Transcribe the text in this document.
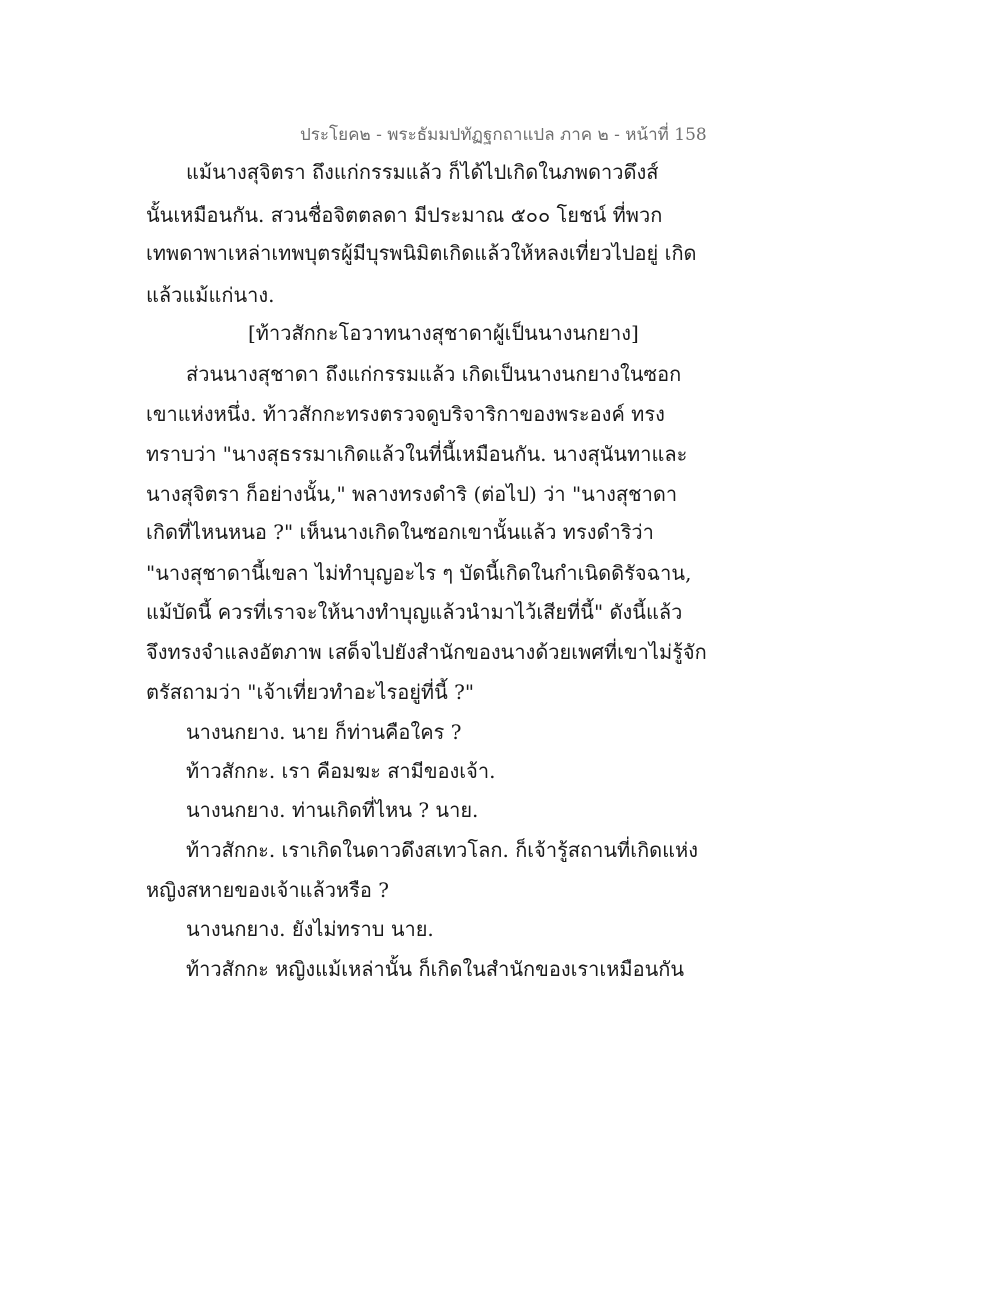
ประโยค๒ - พระธัมมปทัฏฐกถาแปล ภาค ๒ - หน้าที่ 158
แม้นางสุจิตรา ถึงแก่กรรมแล้ว ก็ได้ไปเกิดในภพดาวดึงส์
นั้นเหมือนกัน. สวนชื่อจิตตลดา มีประมาณ ๕๐๐ โยชน์ ที่พวก
เทพดาพาเหล่าเทพบุตรผู้มีบุรพนิมิตเกิดแล้วให้หลงเที่ยวไปอยู่ เกิด
แล้วแม้แก่นาง.
[ท้าวสักกะโอวาทนางสุชาดาผู้เป็นนางนกยาง]
ส่วนนางสุชาดา ถึงแก่กรรมแล้ว เกิดเป็นนางนกยางในซอก
เขาแห่งหนึ่ง. ท้าวสักกะทรงตรวจดูบริจาริกาของพระองค์ ทรง
ทราบว่า "นางสุธรรมาเกิดแล้วในที่นี้เหมือนกัน. นางสุนันทาและ
นางสุจิตรา ก็อย่างนั้น," พลางทรงดำริ (ต่อไป) ว่า "นางสุชาดา
เกิดที่ไหนหนอ ?" เห็นนางเกิดในซอกเขานั้นแล้ว ทรงดำริว่า
"นางสุชาดานี้เขลา ไม่ทำบุญอะไร ๆ บัดนี้เกิดในกำเนิดดิรัจฉาน,
แม้บัดนี้ ควรที่เราจะให้นางทำบุญแล้วนำมาไว้เสียที่นี้" ดังนี้แล้ว
จึงทรงจำแลงอัตภาพ เสด็จไปยังสำนักของนางด้วยเพศที่เขาไม่รู้จัก
ตรัสถามว่า "เจ้าเที่ยวทำอะไรอยู่ที่นี้ ?"
นางนกยาง. นาย ก็ท่านคือใคร ?
ท้าวสักกะ. เรา คือมฆะ สามีของเจ้า.
นางนกยาง. ท่านเกิดที่ไหน ? นาย.
ท้าวสักกะ. เราเกิดในดาวดึงสเทวโลก. ก็เจ้ารู้สถานที่เกิดแห่ง
หญิงสหายของเจ้าแล้วหรือ ?
นางนกยาง. ยังไม่ทราบ นาย.
ท้าวสักกะ หญิงแม้เหล่านั้น ก็เกิดในสำนักของเราเหมือนกัน
